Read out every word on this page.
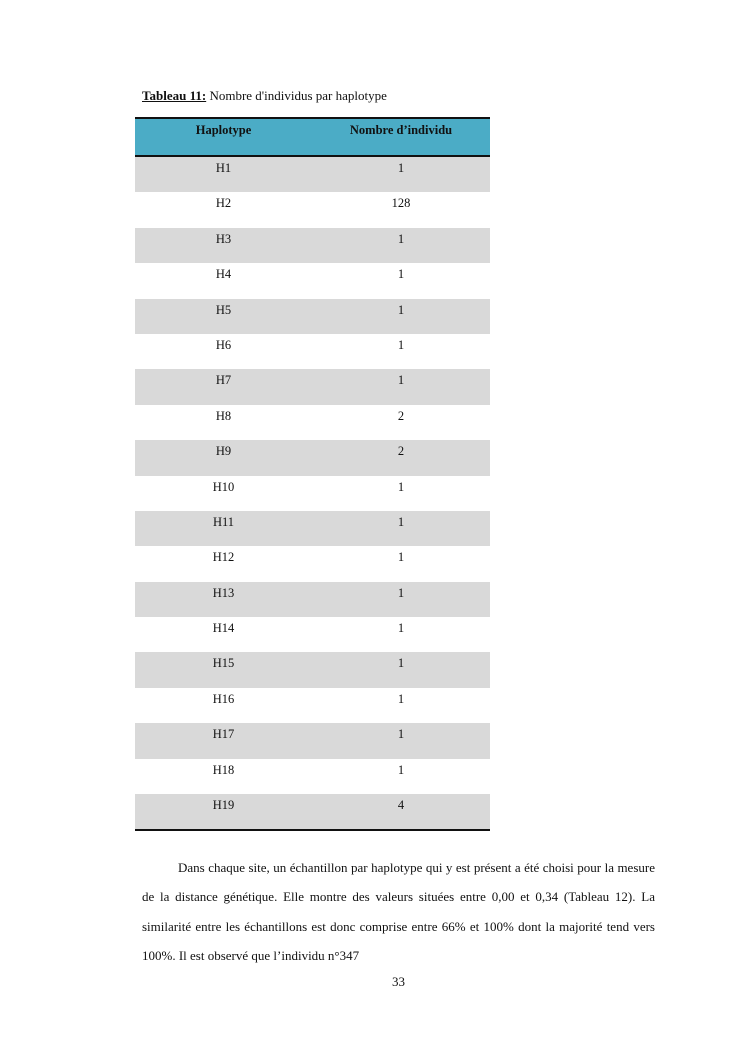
Tableau 11: Nombre d'individus par haplotype
Haplotype	Nombre d’individu
H1	1
H2	128
H3	1
H4	1
H5	1
H6	1
H7	1
H8	2
H9	2
H10	1
H11	1
H12	1
H13	1
H14	1
H15	1
H16	1
H17	1
H18	1
H19	4

Dans chaque site, un échantillon par haplotype qui y est présent a été choisi pour la mesure de la distance génétique. Elle montre des valeurs situées entre 0,00 et 0,34 (Tableau 12). La similarité entre les échantillons est donc comprise entre 66% et 100% dont la majorité tend vers 100%. Il est observé que l’individu n°347

33
